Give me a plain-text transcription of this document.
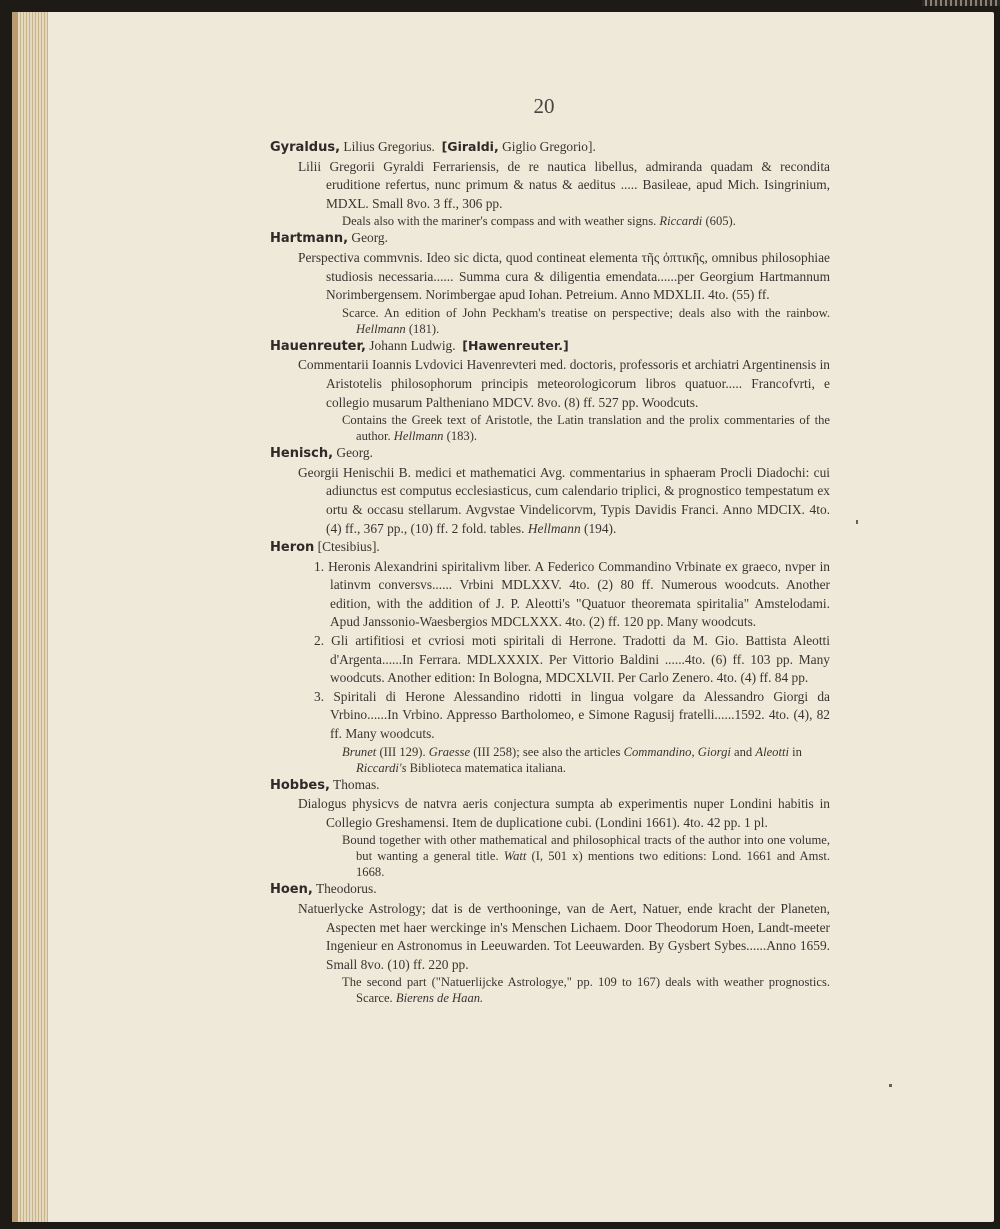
20
Gyraldus, Lilius Gregorius. [Giraldi, Giglio Gregorio].
Lilii Gregorii Gyraldi Ferrariensis, de re nautica libellus, admiranda quadam & recondita eruditione refertus, nunc primum & natus & aeditus ..... Basileae, apud Mich. Isingrinium, MDXL. Small 8vo. 3 ff., 306 pp.
Deals also with the mariner's compass and with weather signs. Riccardi (605).
Hartmann, Georg.
Perspectiva commvnis. Ideo sic dicta, quod contineat elementa τῆς ὀπτικῆς, omnibus philosophiae studiosis necessaria...... Summa cura & diligentia emendata......per Georgium Hartmannum Norimbergensem. Norimbergae apud Iohan. Petreium. Anno MDXLII. 4to. (55) ff.
Scarce. An edition of John Peckham's treatise on perspective; deals also with the rainbow. Hellmann (181).
Hauenreuter, Johann Ludwig. [Hawenreuter.]
Commentarii Ioannis Lvdovici Havenrevteri med. doctoris, professoris et archiatri Argentinensis in Aristotelis philosophorum principis meteorologicorum libros quatuor..... Francofvrti, e collegio musarum Paltheniano MDCV. 8vo. (8) ff. 527 pp. Woodcuts.
Contains the Greek text of Aristotle, the Latin translation and the prolix commentaries of the author. Hellmann (183).
Henisch, Georg.
Georgii Henischii B. medici et mathematici Avg. commentarius in sphaeram Procli Diadochi: cui adiunctus est computus ecclesiasticus, cum calendario triplici, & prognostico tempestatum ex ortu & occasu stellarum. Avgvstae Vindelicorvm, Typis Davidis Franci. Anno MDCIX. 4to. (4) ff., 367 pp., (10) ff. 2 fold. tables. Hellmann (194).
Heron [Ctesibius].
1. Heronis Alexandrini spiritalivm liber. A Federico Commandino Vrbinate ex graeco, nvper in latinvm conversvs...... Vrbini MDLXXV. 4to. (2) 80 ff. Numerous woodcuts. Another edition, with the addition of J. P. Aleotti's "Quatuor theoremata spiritalia" Amstelodami. Apud Janssonio-Waesbergios MDCLXXX. 4to. (2) ff. 120 pp. Many woodcuts.
2. Gli artifitiosi et cvriosi moti spiritali di Herrone. Tradotti da M. Gio. Battista Aleotti d'Argenta......In Ferrara. MDLXXXIX. Per Vittorio Baldini ......4to. (6) ff. 103 pp. Many woodcuts. Another edition: In Bologna, MDCXLVII. Per Carlo Zenero. 4to. (4) ff. 84 pp.
3. Spiritali di Herone Alessandino ridotti in lingua volgare da Alessandro Giorgi da Vrbino......In Vrbino. Appresso Bartholomeo, e Simone Ragusij fratelli......1592. 4to. (4), 82 ff. Many woodcuts.
Brunet (III 129). Graesse (III 258); see also the articles Commandino, Giorgi and Aleotti in Riccardi's Biblioteca matematica italiana.
Hobbes, Thomas.
Dialogus physicvs de natvra aeris conjectura sumpta ab experimentis nuper Londini habitis in Collegio Greshamensi. Item de duplicatione cubi. (Londini 1661). 4to. 42 pp. 1 pl.
Bound together with other mathematical and philosophical tracts of the author into one volume, but wanting a general title. Watt (I, 501 x) mentions two editions: Lond. 1661 and Amst. 1668.
Hoen, Theodorus.
Natuerlycke Astrology; dat is de verthooninge, van de Aert, Natuer, ende kracht der Planeten, Aspecten met haer werckinge in's Menschen Lichaem. Door Theodorum Hoen, Landt-meeter Ingenieur en Astronomus in Leeuwarden. Tot Leeuwarden. By Gysbert Sybes......Anno 1659. Small 8vo. (10) ff. 220 pp.
The second part ("Natuerlijcke Astrologye," pp. 109 to 167) deals with weather prognostics. Scarce. Bierens de Haan.
